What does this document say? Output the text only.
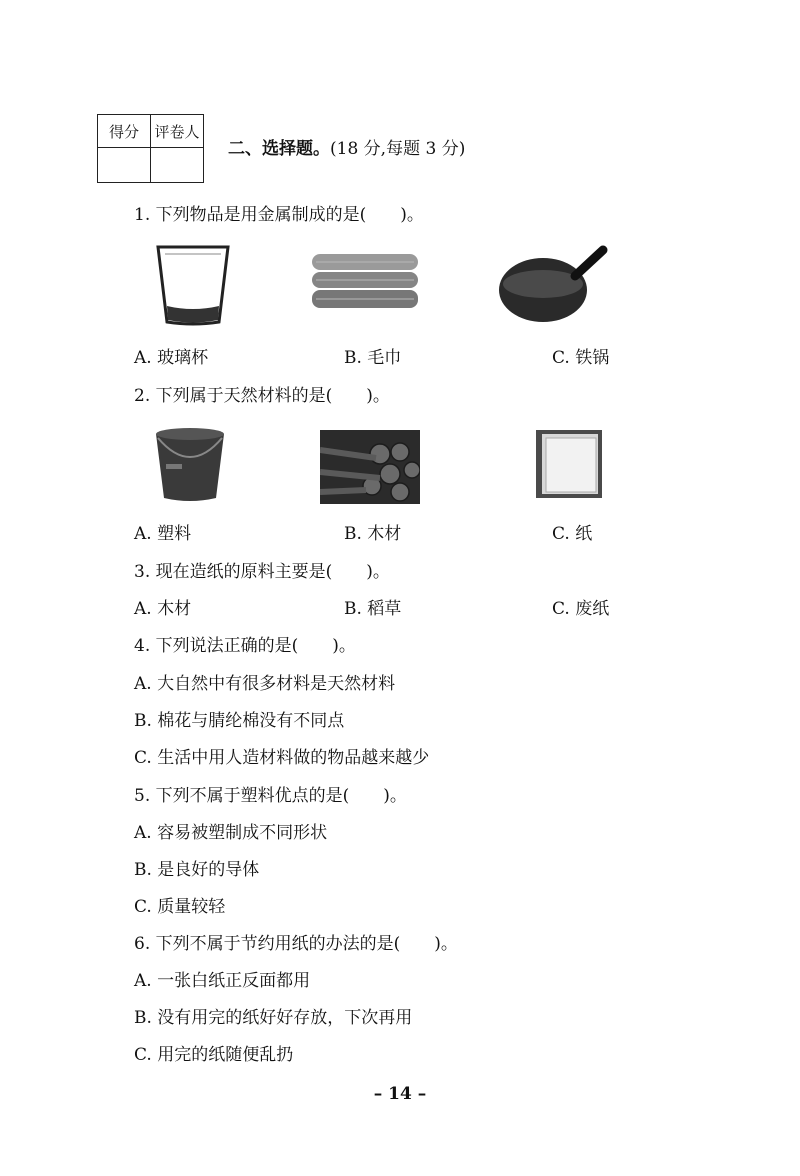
得分	评卷人

二、选择题。(18 分,每题 3 分)
1. 下列物品是用金属制成的是(　　)。
A. 玻璃杯	B. 毛巾	C. 铁锅
2. 下列属于天然材料的是(　　)。
A. 塑料	B. 木材	C. 纸
3. 现在造纸的原料主要是(　　)。
A. 木材	B. 稻草	C. 废纸
4. 下列说法正确的是(　　)。
A. 大自然中有很多材料是天然材料
B. 棉花与腈纶棉没有不同点
C. 生活中用人造材料做的物品越来越少
5. 下列不属于塑料优点的是(　　)。
A. 容易被塑制成不同形状
B. 是良好的导体
C. 质量较轻
6. 下列不属于节约用纸的办法的是(　　)。
A. 一张白纸正反面都用
B. 没有用完的纸好好存放，下次再用
C. 用完的纸随便乱扔
– 14 –
